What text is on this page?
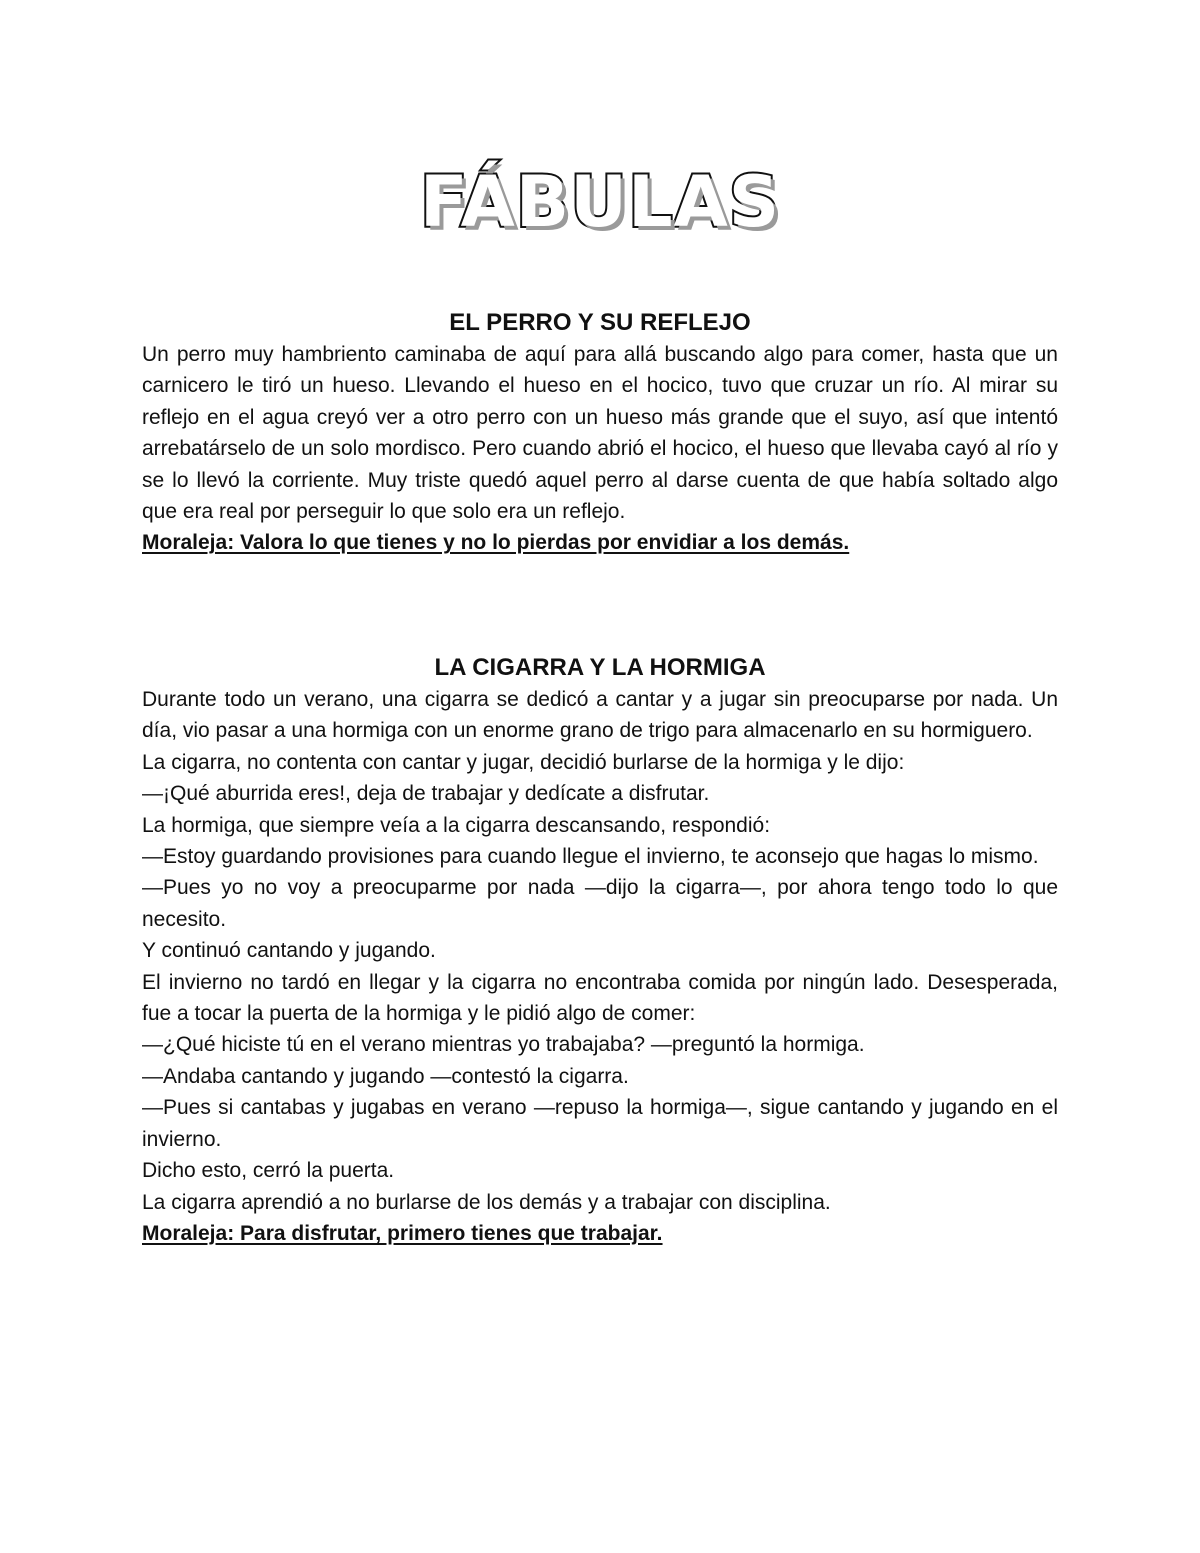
FÁBULAS
EL PERRO Y SU REFLEJO

Un perro muy hambriento caminaba de aquí para allá buscando algo para comer, hasta que un carnicero le tiró un hueso. Llevando el hueso en el hocico, tuvo que cruzar un río. Al mirar su reflejo en el agua creyó ver a otro perro con un hueso más grande que el suyo, así que intentó arrebatárselo de un solo mordisco. Pero cuando abrió el hocico, el hueso que llevaba cayó al río y se lo llevó la corriente. Muy triste quedó aquel perro al darse cuenta de que había soltado algo que era real por perseguir lo que solo era un reflejo.

Moraleja: Valora lo que tienes y no lo pierdas por envidiar a los demás.

LA CIGARRA Y LA HORMIGA

Durante todo un verano, una cigarra se dedicó a cantar y a jugar sin preocuparse por nada. Un día, vio pasar a una hormiga con un enorme grano de trigo para almacenarlo en su hormiguero.

La cigarra, no contenta con cantar y jugar, decidió burlarse de la hormiga y le dijo:

—¡Qué aburrida eres!, deja de trabajar y dedícate a disfrutar.

La hormiga, que siempre veía a la cigarra descansando, respondió:

—Estoy guardando provisiones para cuando llegue el invierno, te aconsejo que hagas lo mismo.

—Pues yo no voy a preocuparme por nada —dijo la cigarra—, por ahora tengo todo lo que necesito.

Y continuó cantando y jugando.

El invierno no tardó en llegar y la cigarra no encontraba comida por ningún lado. Desesperada, fue a tocar la puerta de la hormiga y le pidió algo de comer:

—¿Qué hiciste tú en el verano mientras yo trabajaba? —preguntó la hormiga.

—Andaba cantando y jugando —contestó la cigarra.

—Pues si cantabas y jugabas en verano —repuso la hormiga—, sigue cantando y jugando en el invierno.

Dicho esto, cerró la puerta.

La cigarra aprendió a no burlarse de los demás y a trabajar con disciplina.

Moraleja: Para disfrutar, primero tienes que trabajar.
